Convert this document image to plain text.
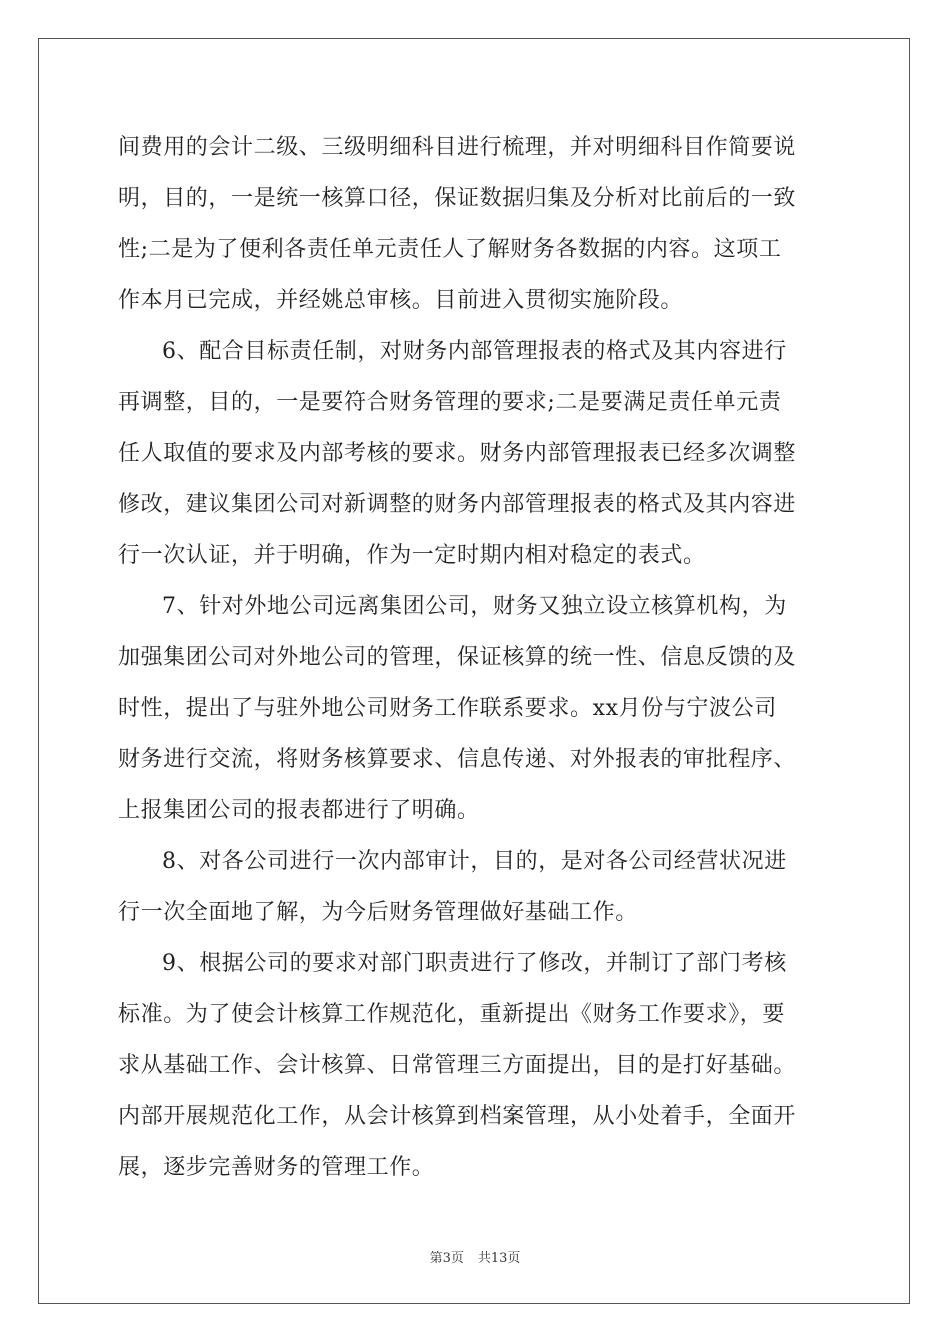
间费用的会计二级、三级明细科目进行梳理，并对明细科目作简要说
明，目的，一是统一核算口径，保证数据归集及分析对比前后的一致
性;二是为了便利各责任单元责任人了解财务各数据的内容。这项工
作本月已完成，并经姚总审核。目前进入贯彻实施阶段。
6、配合目标责任制，对财务内部管理报表的格式及其内容进行
再调整，目的，一是要符合财务管理的要求;二是要满足责任单元责
任人取值的要求及内部考核的要求。财务内部管理报表已经多次调整
修改，建议集团公司对新调整的财务内部管理报表的格式及其内容进
行一次认证，并于明确，作为一定时期内相对稳定的表式。
7、针对外地公司远离集团公司，财务又独立设立核算机构，为
加强集团公司对外地公司的管理，保证核算的统一性、信息反馈的及
时性，提出了与驻外地公司财务工作联系要求。xx月份与宁波公司
财务进行交流，将财务核算要求、信息传递、对外报表的审批程序、
上报集团公司的报表都进行了明确。
8、对各公司进行一次内部审计，目的，是对各公司经营状况进
行一次全面地了解，为今后财务管理做好基础工作。
9、根据公司的要求对部门职责进行了修改，并制订了部门考核
标准。为了使会计核算工作规范化，重新提出《财务工作要求》，要
求从基础工作、会计核算、日常管理三方面提出，目的是打好基础。
内部开展规范化工作，从会计核算到档案管理，从小处着手，全面开
展，逐步完善财务的管理工作。
第3页 共13页
